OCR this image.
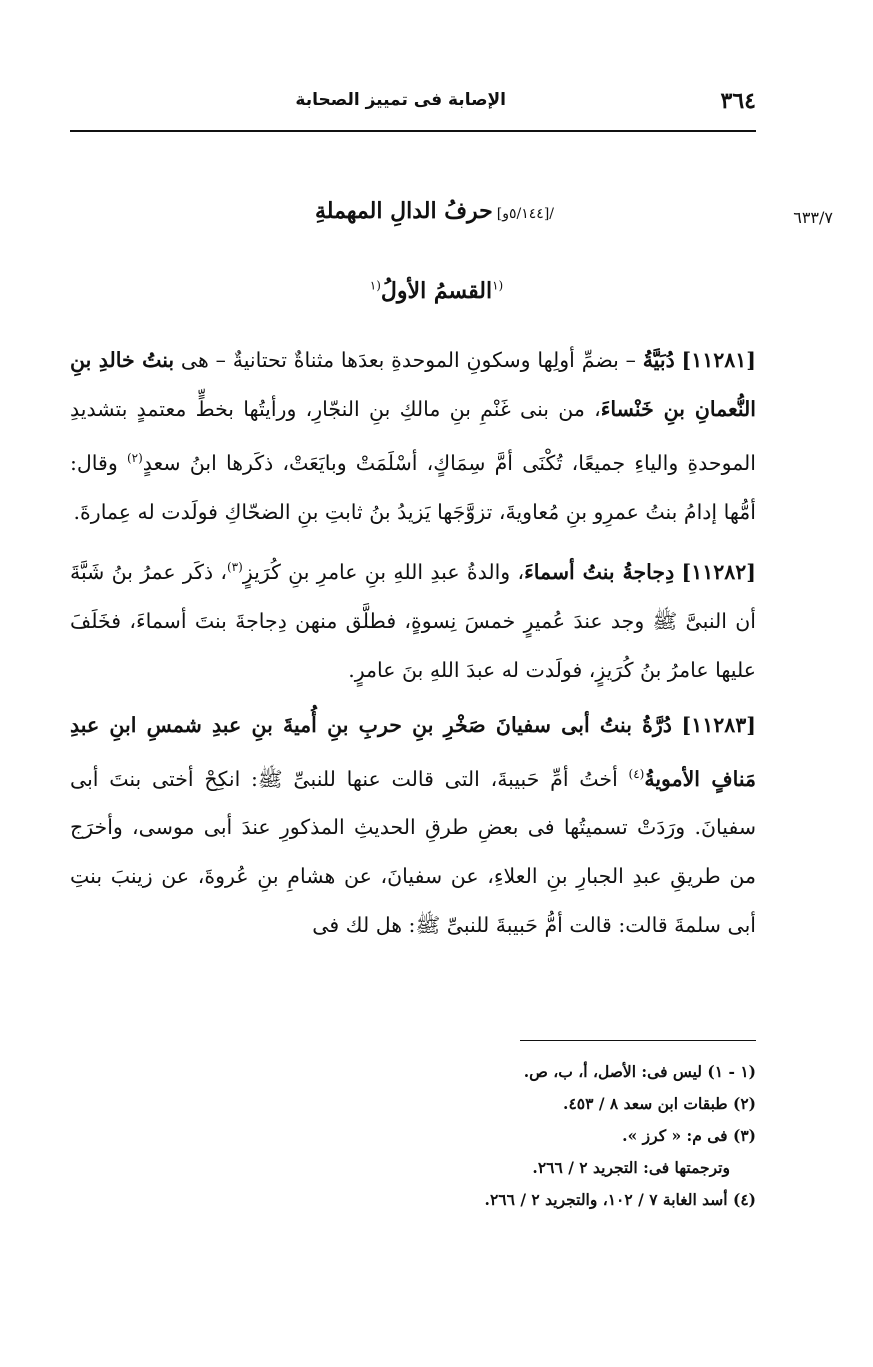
٣٦٤
الإصابة فى تمييز الصحابة
٦٣٣/٧
/[٥/١٤٤و]حرفُ الدالِ المهملةِ
$^{(١}$القسمُ الأولُ$^{(١}$

[١١٢٨١] دُبَيَّةُ – بضمِّ أولِها وسكونِ الموحدةِ بعدَها مثناةٌ تحتانيةٌ – هى بنتُ خالدِ بنِ النُّعمانِ بنِ خَنْساءَ، من بنى غَنْمِ بنِ مالكِ بنِ النجّارِ، ورأيتُها بخطٍّ معتمدٍ بتشديدِ الموحدةِ والياءِ جميعًا، تُكْنَى أمَّ سِمَاكٍ، أسْلَمَتْ وبايَعَتْ، ذكَرها ابنُ سعدٍ$^{(٢)}$ وقال: أمُّها إدامُ بنتُ عمرِو بنِ مُعاويةَ، تزوَّجَها يَزيدُ بنُ ثابتِ بنِ الضحّاكِ فولَدت له عِمارةَ.

[١١٢٨٢] دِجاجةُ بنتُ أسماءَ، والدةُ عبدِ اللهِ بنِ عامرِ بنِ كُرَيزٍ$^{(٣)}$، ذكَر عمرُ بنُ شَبَّةَ أن النبىَّ ﷺ وجد عندَ عُميرٍ خمسَ نِسوةٍ، فطلَّق منهن دِجاجةَ بنتَ أسماءَ، فخَلَفَ عليها عامرُ بنُ كُرَيزٍ، فولَدت له عبدَ اللهِ بنَ عامرٍ.

[١١٢٨٣] دُرَّةُ بنتُ أبى سفيانَ صَخْرِ بنِ حربِ بنِ أُميةَ بنِ عبدِ شمسِ ابنِ عبدِ مَنافٍ الأمويةُ$^{(٤)}$ أختُ أمِّ حَبيبةَ، التى قالت عنها للنبىِّ ﷺ: انكِحْ أختى بنتَ أبى سفيانَ. ورَدَتْ تسميتُها فى بعضِ طرقِ الحديثِ المذكورِ عندَ أبى موسى، وأخرَج من طريقِ عبدِ الجبارِ بنِ العلاءِ، عن سفيانَ، عن هشامِ بنِ عُروةَ، عن زينبَ بنتِ أبى سلمةَ قالت: قالت أمُّ حَبيبةَ للنبىِّ ﷺ: هل لك فى

(١ - ١) ليس فى: الأصل، أ، ب، ص.
(٢) طبقات ابن سعد ٨ / ٤٥٣.
(٣) فى م: « كرز ».
وترجمتها فى: التجريد ٢ / ٢٦٦.
(٤) أسد الغابة ٧ / ١٠٢، والتجريد ٢ / ٢٦٦.
